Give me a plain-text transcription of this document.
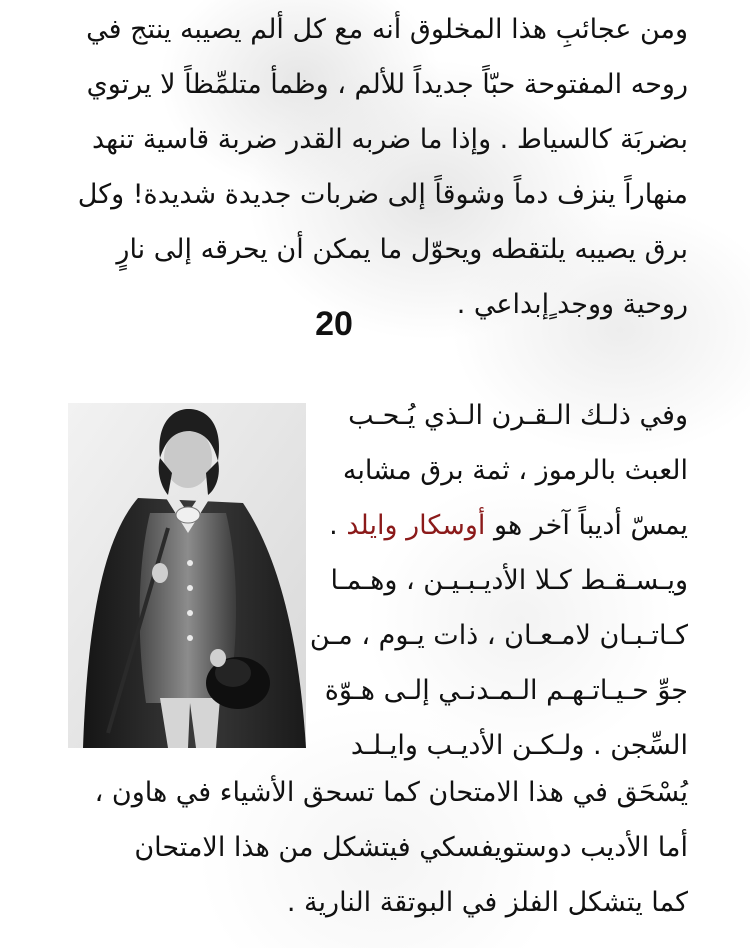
ومن عجائبِ هذا المخلوق أنه مع كل ألم يصيبه ينتج في
روحه المفتوحة حبّاً جديداً للألم ، وظمأ متلمِّظاً لا يرتوي
بضربَة كالسياط . وإذا ما ضربه القدر ضربة قاسية تنهد
منهاراً ينزف دماً وشوقاً إلى ضربات جديدة شديدة! وكل
برق يصيبه يلتقطه ويحوّل ما يمكن أن يحرقه إلى نارٍ
روحية ووجد ٍإبداعي .
20
وفي ذلـك الـقـرن الـذي يُـحـب
العبث بالرموز ، ثمة برق مشابه
يمسّ أديباً آخر هو أوسكار وايلد .
ويـسـقـط كـلا الأديـبـيـن ، وهـمـا
كـاتـبـان لامـعـان ، ذات يـوم ، مـن
جوِّ حـيـاتـهـم الـمـدنـي إلـى هـوّة
السِّجن . ولـكـن الأديـب وايـلـد
يُسْحَق في هذا الامتحان كما تسحق الأشياء في هاون ،
أما الأديب دوستويفسكي فيتشكل من هذا الامتحان
كما يتشكل الفلز في البوتقة النارية .
